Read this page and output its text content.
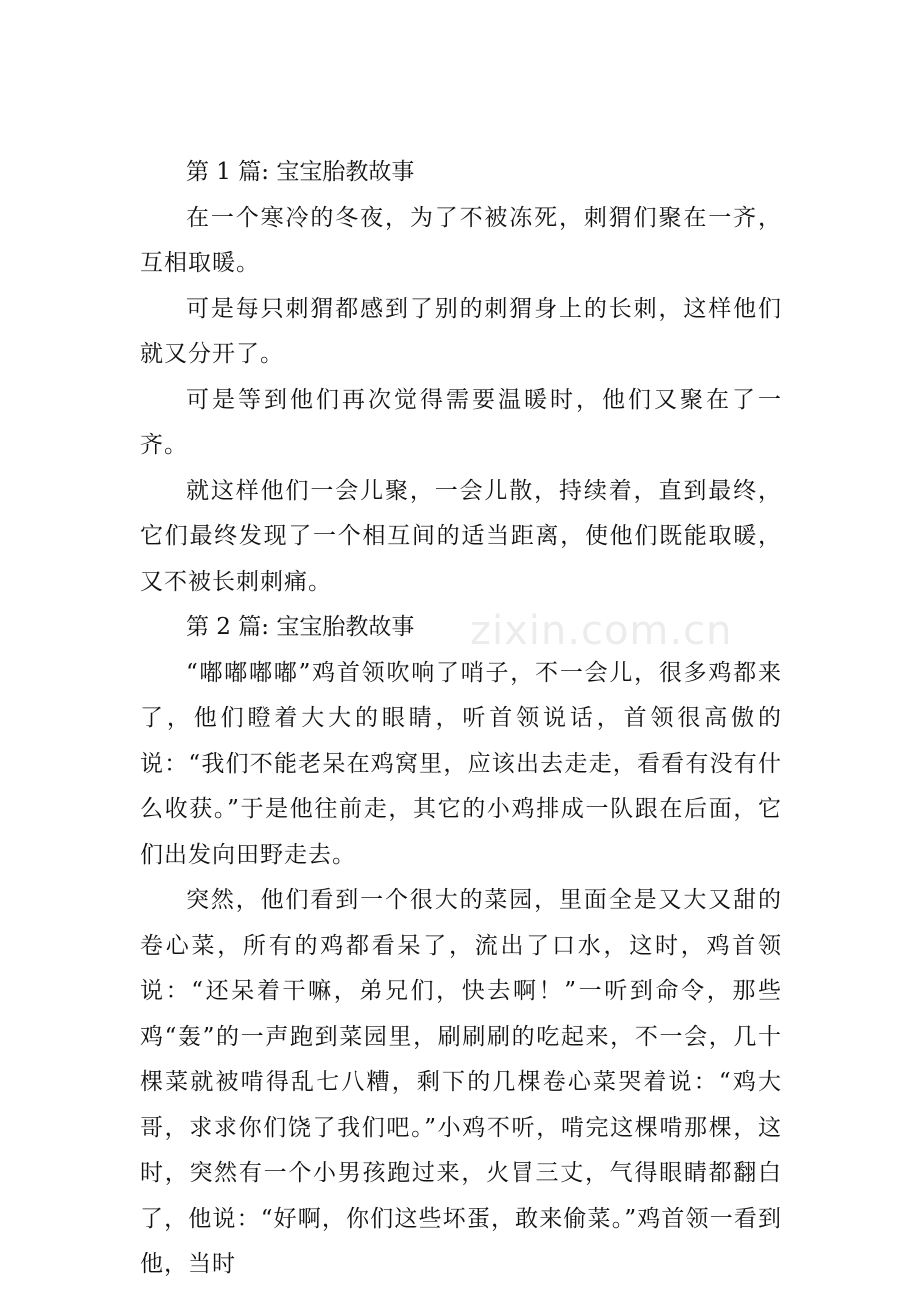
第 1 篇: 宝宝胎教故事

在一个寒冷的冬夜，为了不被冻死，刺猬们聚在一齐，互相取暖。

可是每只刺猬都感到了别的刺猬身上的长刺，这样他们就又分开了。

可是等到他们再次觉得需要温暖时，他们又聚在了一齐。

就这样他们一会儿聚，一会儿散，持续着，直到最终，它们最终发现了一个相互间的适当距离，使他们既能取暖，又不被长刺刺痛。

第 2 篇: 宝宝胎教故事

“嘟嘟嘟嘟”鸡首领吹响了哨子，不一会儿，很多鸡都来了，他们瞪着大大的眼睛，听首领说话，首领很高傲的说：“我们不能老呆在鸡窝里，应该出去走走，看看有没有什么收获。”于是他往前走，其它的小鸡排成一队跟在后面，它们出发向田野走去。

突然，他们看到一个很大的菜园，里面全是又大又甜的卷心菜，所有的鸡都看呆了，流出了口水，这时，鸡首领说：“还呆着干嘛，弟兄们，快去啊！”一听到命令，那些鸡“轰”的一声跑到菜园里，刷刷刷的吃起来，不一会，几十棵菜就被啃得乱七八糟，剩下的几棵卷心菜哭着说：“鸡大哥，求求你们饶了我们吧。”小鸡不听，啃完这棵啃那棵，这时，突然有一个小男孩跑过来，火冒三丈，气得眼睛都翻白了，他说：“好啊，你们这些坏蛋，敢来偷菜。”鸡首领一看到他，当时

zixin.com.cn
